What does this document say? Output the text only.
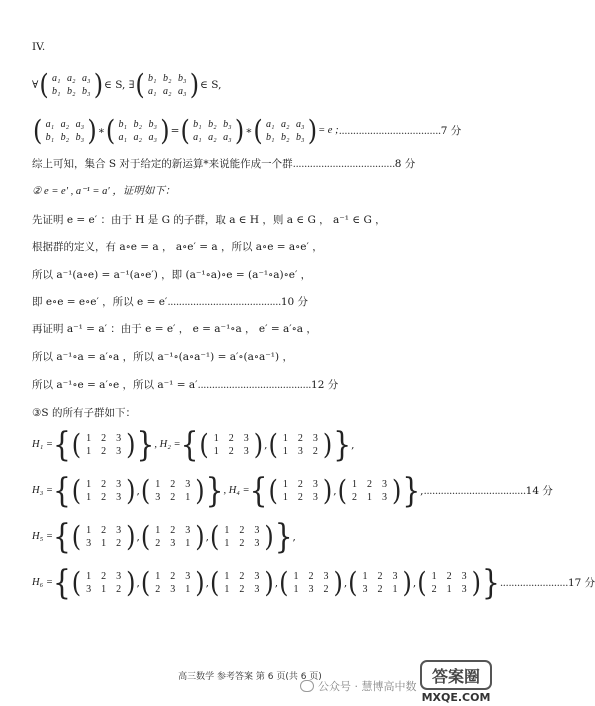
IV.
∀ ( a₁ a₂ a₃
b₁ b₂ b₃ ) ∈ S, ∃ ( b₁ b₂ b₃
a₁ a₂ a₃ ) ∈ S,
( a₁ a₂ a₃
b₁ b₂ b₃ ) ∗ ( b₁ b₂ b₃
a₁ a₂ a₃ ) = ( b₁ b₂ b₃
a₁ a₂ a₃ ) ∗ ( a₁ a₂ a₃
b₁ b₂ b₃ ) = e ; .................................... 7 分
综上可知，集合 S 对于给定的新运算*来说能作成一个群 .................................... 8 分
② e = e′ , a⁻¹ = a′ ，证明如下：
先证明 e = e′ ：由于 H 是 G 的子群，取 a ∈ H ，则 a ∈ G ， a⁻¹ ∈ G ，
根据群的定义，有 a∘e = a ， a∘e′ = a ，所以 a∘e = a∘e′ ，
所以 a⁻¹(a∘e) = a⁻¹(a∘e′) ，即 (a⁻¹∘a)∘e = (a⁻¹∘a)∘e′ ，
即 e∘e = e∘e′ ，所以 e = e′ ........................................ 10 分
再证明 a⁻¹ = a′ ：由于 e = e′ ， e = a⁻¹∘a ， e′ = a′∘a ，
所以 a⁻¹∘a = a′∘a ，所以 a⁻¹∘(a∘a⁻¹) = a′∘(a∘a⁻¹) ，
所以 a⁻¹∘e = a′∘e ，所以 a⁻¹ = a′ ........................................ 12 分
③S 的所有子群如下：
H₁ = { ( 1	2	3
1	2	3 ) } , H₂ = { ( 1	2	3
1	2	3 ) , ( 1	2	3
1	3	2 ) } ,
H₃ = { ( 1	2	3
1	2	3 ) , ( 1	2	3
3	2	1 ) } , H₄ = { ( 1	2	3
1	2	3 ) , ( 1	2	3
2	1	3 ) } , .................................... 14 分
H₅ = { ( 1	2	3
3	1	2 ) , ( 1	2	3
2	3	1 ) , ( 1	2	3
1	2	3 ) } ,
H₆ = { ( 1	2	3
3	1	2 ) , ( 1	2	3
2	3	1 ) , ( 1	2	3
1	2	3 ) , ( 1	2	3
1	3	2 ) , ( 1	2	3
3	2	1 ) , ( 1	2	3
2	1	3 ) } ........................ 17 分
高三数学 参考答案 第 6 页(共 6 页)
公众号 · 慧博高中数
答案圈
MXQE.COM
